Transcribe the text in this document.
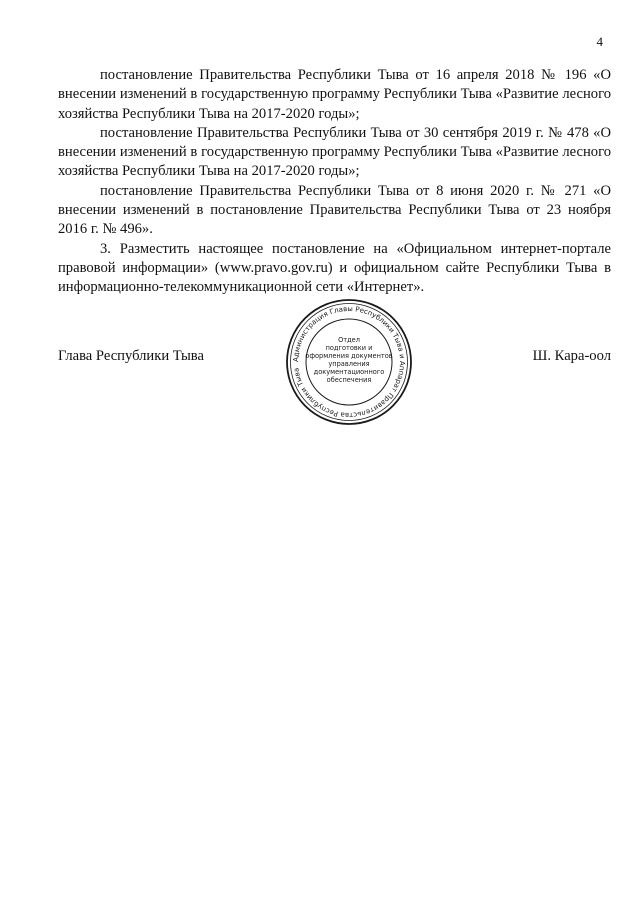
4

постановление Правительства Республики Тыва от 16 апреля 2018 № 196 «О внесении изменений в государственную программу Республики Тыва «Развитие лесного хозяйства Республики Тыва на 2017-2020 годы»;

постановление Правительства Республики Тыва от 30 сентября 2019 г. № 478 «О внесении изменений в государственную программу Республики Тыва «Развитие лесного хозяйства Республики Тыва на 2017-2020 годы»;

постановление Правительства Республики Тыва от 8 июня 2020 г. № 271 «О внесении изменений в постановление Правительства Республики Тыва от 23 ноября 2016 г. № 496».

3. Разместить настоящее постановление на «Официальном интернет-портале правовой информации» (www.pravo.gov.ru) и официальном сайте Республики Тыва в информационно-телекоммуникационной сети «Интернет».

Глава Республики Тыва	Ш. Кара-оол
Администрация Главы Республики Тыва и Аппарат Правительства Республики Тыва
Отдел
подготовки и
оформления документов
управления
документационного
обеспечения
